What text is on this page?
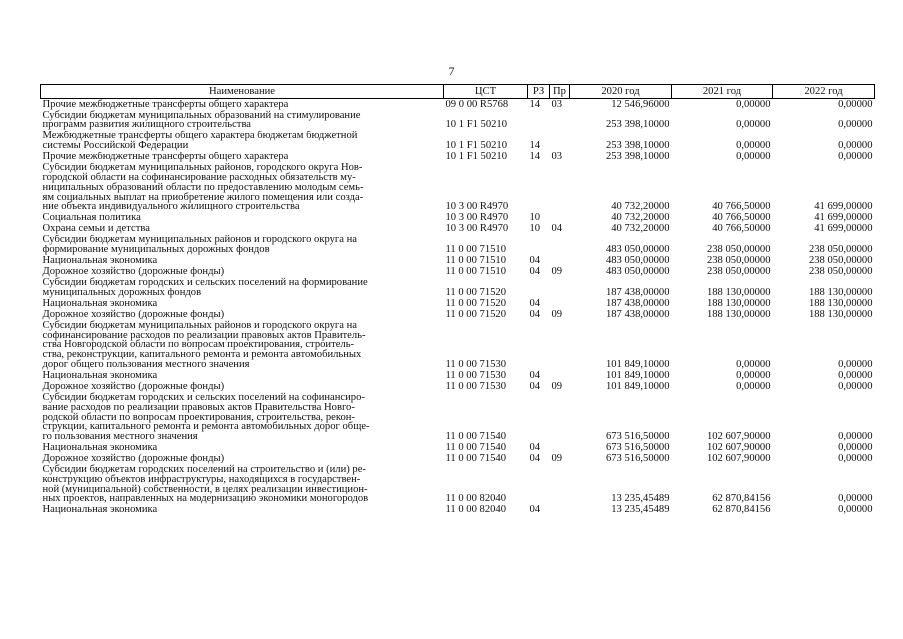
7
Наименование	ЦСТ	РЗ	Пр	2020 год	2021 год	2022 год
Прочие межбюджетные трансферты общего характера	09 0 00 R5768	14	03	12 546,96000	0,00000	0,00000
Субсидии бюджетам муниципальных образований на стимулирование
программ развития жилищного строительства	10 1 F1 50210			253 398,10000	0,00000	0,00000
Межбюджетные трансферты общего характера бюджетам бюджетной
системы Российской Федерации	10 1 F1 50210	14		253 398,10000	0,00000	0,00000
Прочие межбюджетные трансферты общего характера	10 1 F1 50210	14	03	253 398,10000	0,00000	0,00000
Субсидии бюджетам муниципальных районов, городского округа Нов-
городской области на софинансирование расходных обязательств му-
ниципальных образований области по предоставлению молодым семь-
ям социальных выплат на приобретение жилого помещения или созда-
ние объекта индивидуального жилищного строительства	10 3 00 R4970			40 732,20000	40 766,50000	41 699,00000
Социальная политика	10 3 00 R4970	10		40 732,20000	40 766,50000	41 699,00000
Охрана семьи и детства	10 3 00 R4970	10	04	40 732,20000	40 766,50000	41 699,00000
Субсидии бюджетам муниципальных районов и городского округа на
формирование муниципальных дорожных фондов	11 0 00 71510			483 050,00000	238 050,00000	238 050,00000
Национальная экономика	11 0 00 71510	04		483 050,00000	238 050,00000	238 050,00000
Дорожное хозяйство (дорожные фонды)	11 0 00 71510	04	09	483 050,00000	238 050,00000	238 050,00000
Субсидии бюджетам городских и сельских поселений на формирование
муниципальных дорожных фондов	11 0 00 71520			187 438,00000	188 130,00000	188 130,00000
Национальная экономика	11 0 00 71520	04		187 438,00000	188 130,00000	188 130,00000
Дорожное хозяйство (дорожные фонды)	11 0 00 71520	04	09	187 438,00000	188 130,00000	188 130,00000
Субсидии бюджетам муниципальных районов и городского округа на
софинансирование расходов по реализации правовых актов Правитель-
ства Новгородской области по вопросам проектирования, строитель-
ства, реконструкции, капитального ремонта и ремонта автомобильных
дорог общего пользования местного значения	11 0 00 71530			101 849,10000	0,00000	0,00000
Национальная экономика	11 0 00 71530	04		101 849,10000	0,00000	0,00000
Дорожное хозяйство (дорожные фонды)	11 0 00 71530	04	09	101 849,10000	0,00000	0,00000
Субсидии бюджетам городских и сельских поселений на софинансиро-
вание расходов по реализации правовых актов Правительства Новго-
родской области по вопросам проектирования, строительства, рекон-
струкции, капитального ремонта и ремонта автомобильных дорог обще-
го пользования местного значения	11 0 00 71540			673 516,50000	102 607,90000	0,00000
Национальная экономика	11 0 00 71540	04		673 516,50000	102 607,90000	0,00000
Дорожное хозяйство (дорожные фонды)	11 0 00 71540	04	09	673 516,50000	102 607,90000	0,00000
Субсидии бюджетам городских поселений на строительство и (или) ре-
конструкцию объектов инфраструктуры, находящихся в государствен-
ной (муниципальной) собственности, в целях реализации инвестицион-
ных проектов, направленных на модернизацию экономики моногородов	11 0 00 82040			13 235,45489	62 870,84156	0,00000
Национальная экономика	11 0 00 82040	04		13 235,45489	62 870,84156	0,00000
